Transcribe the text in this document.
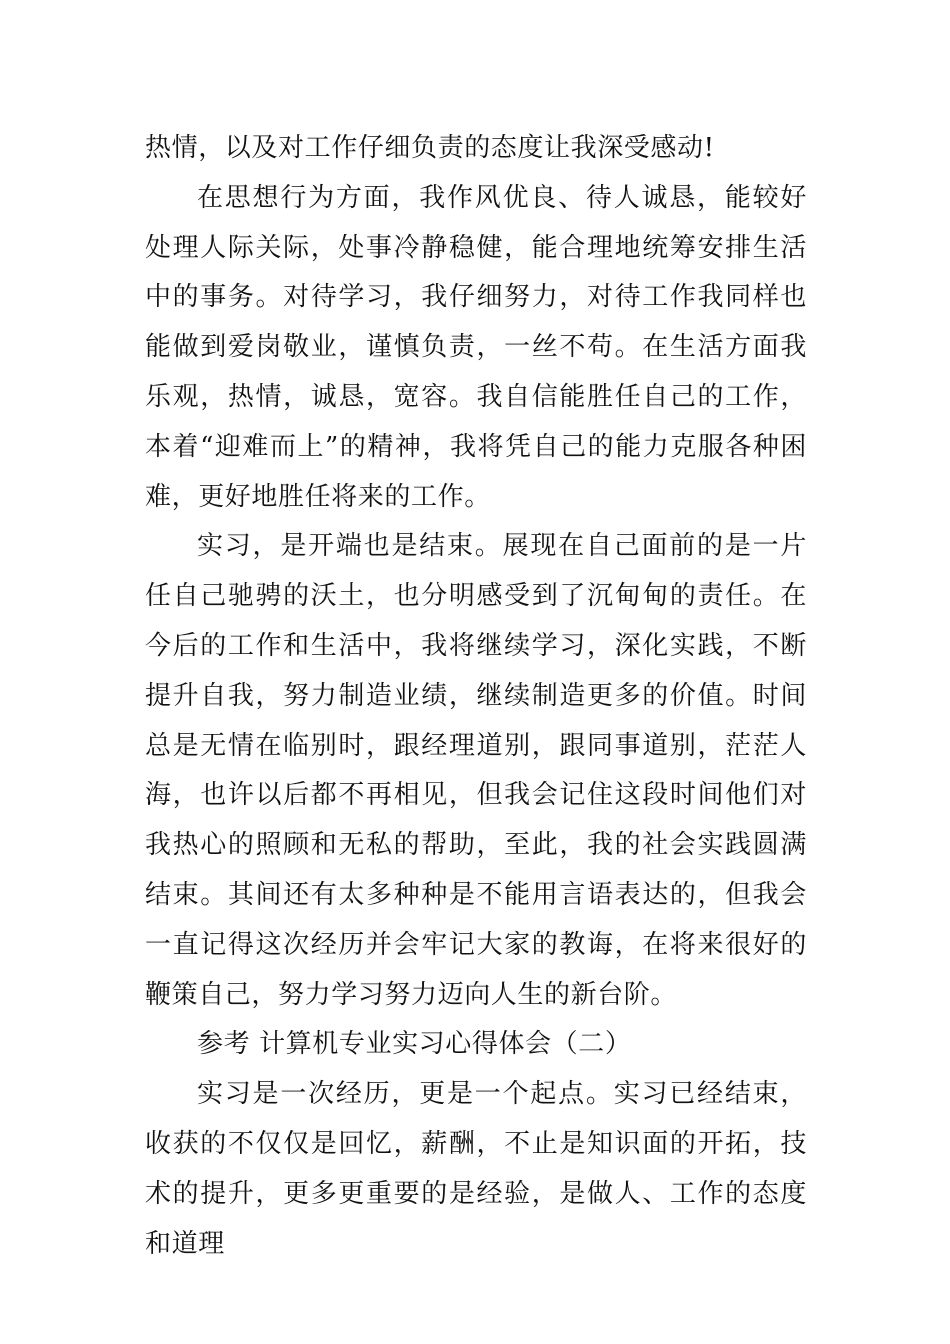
热情，以及对工作仔细负责的态度让我深受感动!

在思想行为方面，我作风优良、待人诚恳，能较好处理人际关际，处事冷静稳健，能合理地统筹安排生活中的事务。对待学习，我仔细努力，对待工作我同样也能做到爱岗敬业，谨慎负责，一丝不苟。在生活方面我乐观，热情，诚恳，宽容。我自信能胜任自己的工作，本着“迎难而上”的精神，我将凭自己的能力克服各种困难，更好地胜任将来的工作。

实习，是开端也是结束。展现在自己面前的是一片任自己驰骋的沃土，也分明感受到了沉甸甸的责任。在今后的工作和生活中，我将继续学习，深化实践，不断提升自我，努力制造业绩，继续制造更多的价值。时间总是无情在临别时，跟经理道别，跟同事道别，茫茫人海，也许以后都不再相见，但我会记住这段时间他们对我热心的照顾和无私的帮助，至此，我的社会实践圆满结束。其间还有太多种种是不能用言语表达的，但我会一直记得这次经历并会牢记大家的教诲，在将来很好的鞭策自己，努力学习努力迈向人生的新台阶。

参考 计算机专业实习心得体会（二）

实习是一次经历，更是一个起点。实习已经结束，收获的不仅仅是回忆，薪酬，不止是知识面的开拓，技术的提升，更多更重要的是经验，是做人、工作的态度和道理
